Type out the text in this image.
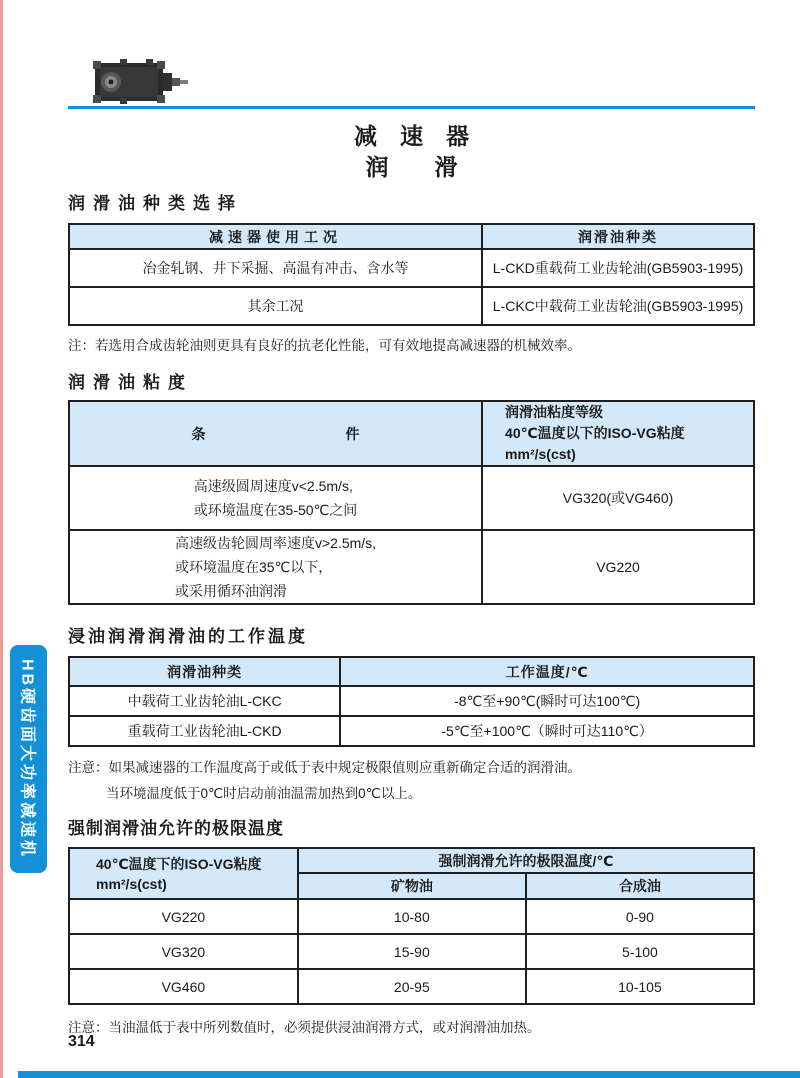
HB硬齿面大功率减速机
减　速　器
润　　滑
润滑油种类选择
减速器使用工况	润滑油种类
冶金轧钢、井下采掘、高温有冲击、含水等	L-CKD重载荷工业齿轮油(GB5903-1995)
其余工况	L-CKC中载荷工业齿轮油(GB5903-1995)
注：若选用合成齿轮油则更具有良好的抗老化性能，可有效地提高减速器的机械效率。
润滑油粘度
条　　　　　　　　　　件	润滑油粘度等级
40℃温度以下的ISO-VG粘度
mm²/s(cst)

高速级圆周速度v<2.5m/s,
或环境温度在35-50℃之间	VG320(或VG460)

高速级齿轮圆周率速度v>2.5m/s,
或环境温度在35℃以下，
或采用循环油润滑	VG220
浸油润滑润滑油的工作温度
润滑油种类	工作温度/℃
中载荷工业齿轮油L-CKC	-8℃至+90℃(瞬时可达100℃)
重载荷工业齿轮油L-CKD	-5℃至+100℃（瞬时可达110℃）
注意：如果减速器的工作温度高于或低于表中规定极限值则应重新确定合适的润滑油。
当环境温度低于0℃时启动前油温需加热到0℃以上。
强制润滑油允许的极限温度
40℃温度下的ISO-VG粘度
mm²/s(cst)	强制润滑允许的极限温度/℃	
	矿物油	合成油
VG220	10-80	0-90
VG320	15-90	5-100
VG460	20-95	10-105
注意：当油温低于表中所列数值时，必须提供浸油润滑方式，或对润滑油加热。
314
